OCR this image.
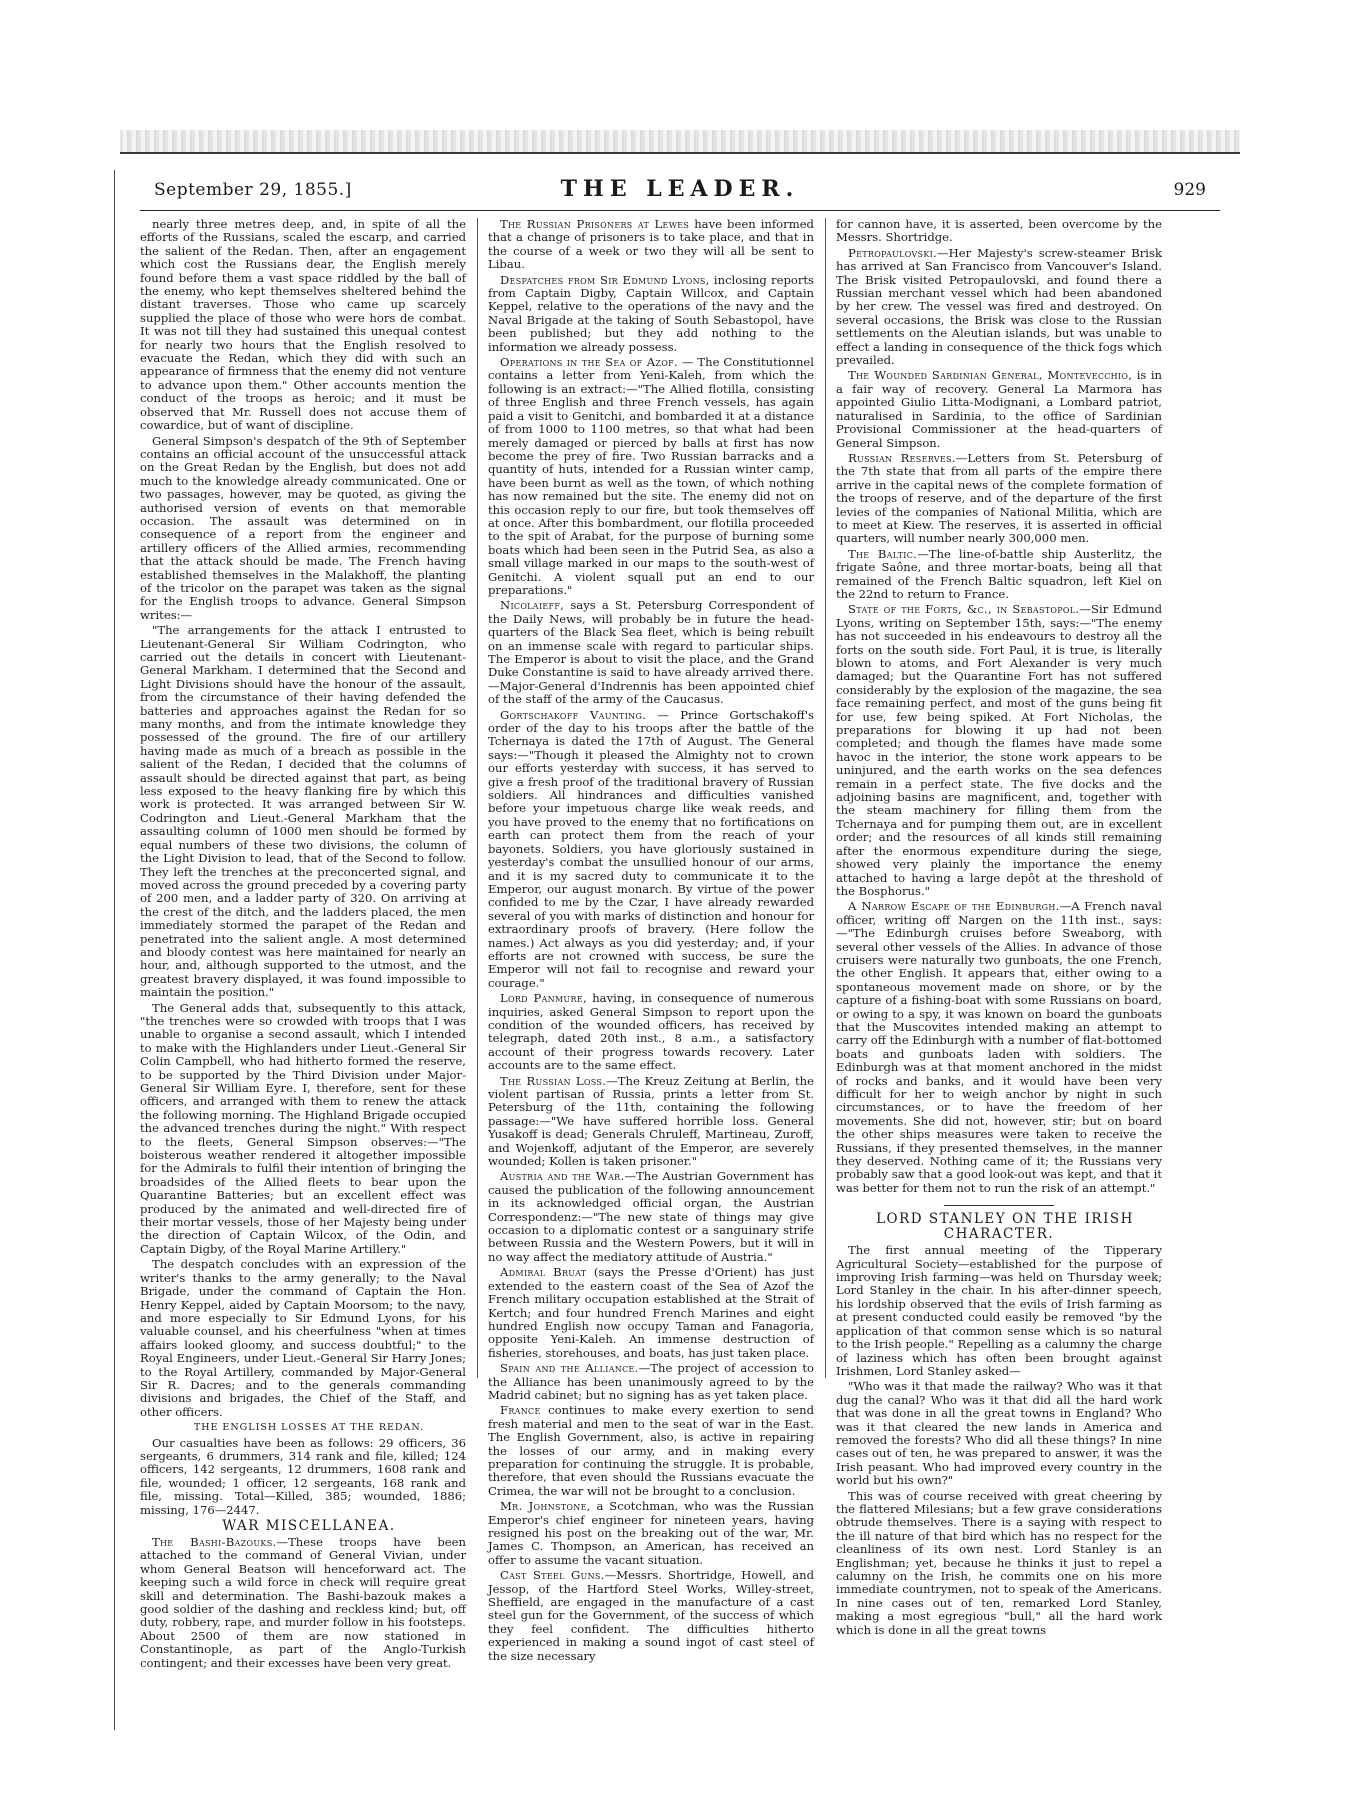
September 29, 1855.]	THE LEADER.	929

nearly three metres deep, and, in spite of all the efforts of the Russians, scaled the escarp, and carried the salient of the Redan. Then, after an engagement which cost the Russians dear, the English merely found before them a vast space riddled by the ball of the enemy, who kept themselves sheltered behind the distant traverses. Those who came up scarcely supplied the place of those who were hors de combat. It was not till they had sustained this unequal contest for nearly two hours that the English resolved to evacuate the Redan, which they did with such an appearance of firmness that the enemy did not venture to advance upon them." Other accounts mention the conduct of the troops as heroic; and it must be observed that Mr. Russell does not accuse them of cowardice, but of want of discipline.

General Simpson's despatch of the 9th of September contains an official account of the unsuccessful attack on the Great Redan by the English, but does not add much to the knowledge already communicated. One or two passages, however, may be quoted, as giving the authorised version of events on that memorable occasion. The assault was determined on in consequence of a report from the engineer and artillery officers of the Allied armies, recommending that the attack should be made. The French having established themselves in the Malakhoff, the planting of the tricolor on the parapet was taken as the signal for the English troops to advance. General Simpson writes:—

"The arrangements for the attack I entrusted to Lieutenant-General Sir William Codrington, who carried out the details in concert with Lieutenant-General Markham. I determined that the Second and Light Divisions should have the honour of the assault, from the circumstance of their having defended the batteries and approaches against the Redan for so many months, and from the intimate knowledge they possessed of the ground. The fire of our artillery having made as much of a breach as possible in the salient of the Redan, I decided that the columns of assault should be directed against that part, as being less exposed to the heavy flanking fire by which this work is protected. It was arranged between Sir W. Codrington and Lieut.-General Markham that the assaulting column of 1000 men should be formed by equal numbers of these two divisions, the column of the Light Division to lead, that of the Second to follow. They left the trenches at the preconcerted signal, and moved across the ground preceded by a covering party of 200 men, and a ladder party of 320. On arriving at the crest of the ditch, and the ladders placed, the men immediately stormed the parapet of the Redan and penetrated into the salient angle. A most determined and bloody contest was here maintained for nearly an hour, and, although supported to the utmost, and the greatest bravery displayed, it was found impossible to maintain the position."

The General adds that, subsequently to this attack, "the trenches were so crowded with troops that I was unable to organise a second assault, which I intended to make with the Highlanders under Lieut.-General Sir Colin Campbell, who had hitherto formed the reserve, to be supported by the Third Division under Major-General Sir William Eyre. I, therefore, sent for these officers, and arranged with them to renew the attack the following morning. The Highland Brigade occupied the advanced trenches during the night." With respect to the fleets, General Simpson observes:—"The boisterous weather rendered it altogether impossible for the Admirals to fulfil their intention of bringing the broadsides of the Allied fleets to bear upon the Quarantine Batteries; but an excellent effect was produced by the animated and well-directed fire of their mortar vessels, those of her Majesty being under the direction of Captain Wilcox, of the Odin, and Captain Digby, of the Royal Marine Artillery."

The despatch concludes with an expression of the writer's thanks to the army generally; to the Naval Brigade, under the command of Captain the Hon. Henry Keppel, aided by Captain Moorsom; to the navy, and more especially to Sir Edmund Lyons, for his valuable counsel, and his cheerfulness "when at times affairs looked gloomy, and success doubtful;" to the Royal Engineers, under Lieut.-General Sir Harry Jones; to the Royal Artillery, commanded by Major-General Sir R. Dacres; and to the generals commanding divisions and brigades, the Chief of the Staff, and other officers.

THE ENGLISH LOSSES AT THE REDAN.

Our casualties have been as follows: 29 officers, 36 sergeants, 6 drummers, 314 rank and file, killed; 124 officers, 142 sergeants, 12 drummers, 1608 rank and file, wounded; 1 officer, 12 sergeants, 168 rank and file, missing. Total—Killed, 385; wounded, 1886; missing, 176—2447.

WAR MISCELLANEA.

The Bashi-Bazouks.—These troops have been attached to the command of General Vivian, under whom General Beatson will henceforward act. The keeping such a wild force in check will require great skill and determination. The Bashi-bazouk makes a good soldier of the dashing and reckless kind; but, off duty, robbery, rape, and murder follow in his footsteps. About 2500 of them are now stationed in Constantinople, as part of the Anglo-Turkish contingent; and their excesses have been very great.

The Russian Prisoners at Lewes have been informed that a change of prisoners is to take place, and that in the course of a week or two they will all be sent to Libau.

Despatches from Sir Edmund Lyons, inclosing reports from Captain Digby, Captain Willcox, and Captain Keppel, relative to the operations of the navy and the Naval Brigade at the taking of South Sebastopol, have been published; but they add nothing to the information we already possess.

Operations in the Sea of Azof. — The Constitutionnel contains a letter from Yeni-Kaleh, from which the following is an extract:—"The Allied flotilla, consisting of three English and three French vessels, has again paid a visit to Genitchi, and bombarded it at a distance of from 1000 to 1100 metres, so that what had been merely damaged or pierced by balls at first has now become the prey of fire. Two Russian barracks and a quantity of huts, intended for a Russian winter camp, have been burnt as well as the town, of which nothing has now remained but the site. The enemy did not on this occasion reply to our fire, but took themselves off at once. After this bombardment, our flotilla proceeded to the spit of Arabat, for the purpose of burning some boats which had been seen in the Putrid Sea, as also a small village marked in our maps to the south-west of Genitchi. A violent squall put an end to our preparations."

Nicolaieff, says a St. Petersburg Correspondent of the Daily News, will probably be in future the head-quarters of the Black Sea fleet, which is being rebuilt on an immense scale with regard to particular ships. The Emperor is about to visit the place, and the Grand Duke Constantine is said to have already arrived there. —Major-General d'Indrennis has been appointed chief of the staff of the army of the Caucasus.

Gortschakoff Vaunting. — Prince Gortschakoff's order of the day to his troops after the battle of the Tchernaya is dated the 17th of August. The General says:—"Though it pleased the Almighty not to crown our efforts yesterday with success, it has served to give a fresh proof of the traditional bravery of Russian soldiers. All hindrances and difficulties vanished before your impetuous charge like weak reeds, and you have proved to the enemy that no fortifications on earth can protect them from the reach of your bayonets. Soldiers, you have gloriously sustained in yesterday's combat the unsullied honour of our arms, and it is my sacred duty to communicate it to the Emperor, our august monarch. By virtue of the power confided to me by the Czar, I have already rewarded several of you with marks of distinction and honour for extraordinary proofs of bravery. (Here follow the names.) Act always as you did yesterday; and, if your efforts are not crowned with success, be sure the Emperor will not fail to recognise and reward your courage."

Lord Panmure, having, in consequence of numerous inquiries, asked General Simpson to report upon the condition of the wounded officers, has received by telegraph, dated 20th inst., 8 a.m., a satisfactory account of their progress towards recovery. Later accounts are to the same effect.

The Russian Loss.—The Kreuz Zeitung at Berlin, the violent partisan of Russia, prints a letter from St. Petersburg of the 11th, containing the following passage:—"We have suffered horrible loss. General Yusakoff is dead; Generals Chruleff, Martineau, Zuroff, and Wojenkoff, adjutant of the Emperor, are severely wounded; Kollen is taken prisoner."

Austria and the War.—The Austrian Government has caused the publication of the following announcement in its acknowledged official organ, the Austrian Correspondenz:—"The new state of things may give occasion to a diplomatic contest or a sanguinary strife between Russia and the Western Powers, but it will in no way affect the mediatory attitude of Austria."

Admiral Bruat (says the Presse d'Orient) has just extended to the eastern coast of the Sea of Azof the French military occupation established at the Strait of Kertch; and four hundred French Marines and eight hundred English now occupy Taman and Fanagoria, opposite Yeni-Kaleh. An immense destruction of fisheries, storehouses, and boats, has just taken place.

Spain and the Alliance.—The project of accession to the Alliance has been unanimously agreed to by the Madrid cabinet; but no signing has as yet taken place.

France continues to make every exertion to send fresh material and men to the seat of war in the East. The English Government, also, is active in repairing the losses of our army, and in making every preparation for continuing the struggle. It is probable, therefore, that even should the Russians evacuate the Crimea, the war will not be brought to a conclusion.

Mr. Johnstone, a Scotchman, who was the Russian Emperor's chief engineer for nineteen years, having resigned his post on the breaking out of the war, Mr. James C. Thompson, an American, has received an offer to assume the vacant situation.

Cast Steel Guns.—Messrs. Shortridge, Howell, and Jessop, of the Hartford Steel Works, Willey-street, Sheffield, are engaged in the manufacture of a cast steel gun for the Government, of the success of which they feel confident. The difficulties hitherto experienced in making a sound ingot of cast steel of the size necessary

for cannon have, it is asserted, been overcome by the Messrs. Shortridge.

Petropaulovski.—Her Majesty's screw-steamer Brisk has arrived at San Francisco from Vancouver's Island. The Brisk visited Petropaulovski, and found there a Russian merchant vessel which had been abandoned by her crew. The vessel was fired and destroyed. On several occasions, the Brisk was close to the Russian settlements on the Aleutian islands, but was unable to effect a landing in consequence of the thick fogs which prevailed.

The Wounded Sardinian General, Montevecchio, is in a fair way of recovery. General La Marmora has appointed Giulio Litta-Modignani, a Lombard patriot, naturalised in Sardinia, to the office of Sardinian Provisional Commissioner at the head-quarters of General Simpson.

Russian Reserves.—Letters from St. Petersburg of the 7th state that from all parts of the empire there arrive in the capital news of the complete formation of the troops of reserve, and of the departure of the first levies of the companies of National Militia, which are to meet at Kiew. The reserves, it is asserted in official quarters, will number nearly 300,000 men.

The Baltic.—The line-of-battle ship Austerlitz, the frigate Saône, and three mortar-boats, being all that remained of the French Baltic squadron, left Kiel on the 22nd to return to France.

State of the Forts, &c., in Sebastopol.—Sir Edmund Lyons, writing on September 15th, says:—"The enemy has not succeeded in his endeavours to destroy all the forts on the south side. Fort Paul, it is true, is literally blown to atoms, and Fort Alexander is very much damaged; but the Quarantine Fort has not suffered considerably by the explosion of the magazine, the sea face remaining perfect, and most of the guns being fit for use, few being spiked. At Fort Nicholas, the preparations for blowing it up had not been completed; and though the flames have made some havoc in the interior, the stone work appears to be uninjured, and the earth works on the sea defences remain in a perfect state. The five docks and the adjoining basins are magnificent, and, together with the steam machinery for filling them from the Tchernaya and for pumping them out, are in excellent order; and the resources of all kinds still remaining after the enormous expenditure during the siege, showed very plainly the importance the enemy attached to having a large depôt at the threshold of the Bosphorus."

A Narrow Escape of the Edinburgh.—A French naval officer, writing off Nargen on the 11th inst., says: —"The Edinburgh cruises before Sweaborg, with several other vessels of the Allies. In advance of those cruisers were naturally two gunboats, the one French, the other English. It appears that, either owing to a spontaneous movement made on shore, or by the capture of a fishing-boat with some Russians on board, or owing to a spy, it was known on board the gunboats that the Muscovites intended making an attempt to carry off the Edinburgh with a number of flat-bottomed boats and gunboats laden with soldiers. The Edinburgh was at that moment anchored in the midst of rocks and banks, and it would have been very difficult for her to weigh anchor by night in such circumstances, or to have the freedom of her movements. She did not, however, stir; but on board the other ships measures were taken to receive the Russians, if they presented themselves, in the manner they deserved. Nothing came of it; the Russians very probably saw that a good look-out was kept, and that it was better for them not to run the risk of an attempt."

LORD STANLEY ON THE IRISH CHARACTER.

The first annual meeting of the Tipperary Agricultural Society—established for the purpose of improving Irish farming—was held on Thursday week; Lord Stanley in the chair. In his after-dinner speech, his lordship observed that the evils of Irish farming as at present conducted could easily be removed "by the application of that common sense which is so natural to the Irish people." Repelling as a calumny the charge of laziness which has often been brought against Irishmen, Lord Stanley asked—

"Who was it that made the railway? Who was it that dug the canal? Who was it that did all the hard work that was done in all the great towns in England? Who was it that cleared the new lands in America and removed the forests? Who did all these things? In nine cases out of ten, he was prepared to answer, it was the Irish peasant. Who had improved every country in the world but his own?"

This was of course received with great cheering by the flattered Milesians; but a few grave considerations obtrude themselves. There is a saying with respect to the ill nature of that bird which has no respect for the cleanliness of its own nest. Lord Stanley is an Englishman; yet, because he thinks it just to repel a calumny on the Irish, he commits one on his more immediate countrymen, not to speak of the Americans. In nine cases out of ten, remarked Lord Stanley, making a most egregious "bull," all the hard work which is done in all the great towns
